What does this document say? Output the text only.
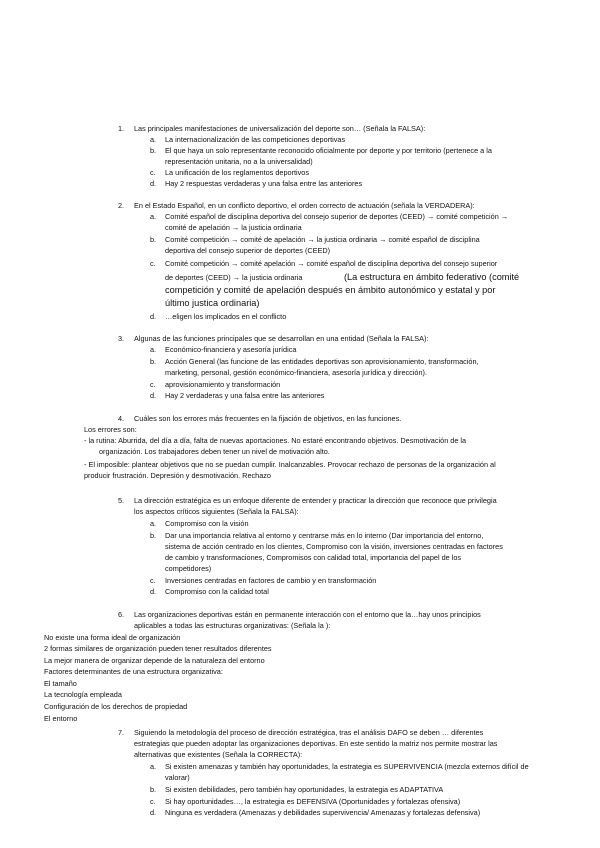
1. Las principales manifestaciones de universalización del deporte son… (Señala la FALSA):
a. La internacionalización de las competiciones deportivas
b. El que haya un solo representante reconocido oficialmente por deporte y por territorio (pertenece a la
representación unitaria, no a la universalidad)
c. La unificación de los reglamentos deportivos
d. Hay 2 respuestas verdaderas y una falsa entre las anteriores
2. En el Estado Español, en un conflicto deportivo, el orden correcto de actuación (señala la VERDADERA):
a. Comité español de disciplina deportiva del consejo superior de deportes (CEED) → comité competición →
comité de apelación → la justicia ordinaria
b. Comité competición → comité de apelación → la justicia ordinaria → comité español de disciplina
deportiva del consejo superior de deportes (CEED)
c. Comité competición → comité apelación → comité español de disciplina deportiva del consejo superior
de deportes (CEED) → la justicia ordinaria	(La estructura en ámbito federativo (comité
competición y comité de apelación después en ámbito autonómico y estatal y por
último justica ordinaria)
d. …eligen los implicados en el conflicto
3. Algunas de las funciones principales que se desarrollan en una entidad (Señala la FALSA):
a. Económico-financiera y asesoría jurídica
b. Acción General (las funcione de las entidades deportivas son aprovisionamiento, transformación,
marketing, personal, gestión económico-financiera, asesoría jurídica y dirección).
c. aprovisionamiento y transformación
d. Hay 2 verdaderas y una falsa entre las anteriores
4. Cuáles son los errores más frecuentes en la fijación de objetivos, en las funciones.
Los errores son:
- la rutina: Aburrida, del día a día, falta de nuevas aportaciones. No estaré encontrando objetivos. Desmotivación de la
organización. Los trabajadores deben tener un nivel de motivación alto.
- El imposible: plantear objetivos que no se puedan cumplir. Inalcanzables. Provocar rechazo de personas de la organización al
producir frustración. Depresión y desmotivación. Rechazo
5. La dirección estratégica es un enfoque diferente de entender y practicar la dirección que reconoce que privilegia
los aspectos críticos siguientes (Señala la FALSA):
a. Compromiso con la visión
b. Dar una importancia relativa al entorno y centrarse más en lo interno (Dar importancia del entorno,
sistema de acción centrado en los clientes, Compromiso con la visión, inversiones centradas en factores
de cambio y transformaciones, Compromisos con calidad total, importancia del papel de los
competidores)
c. Inversiones centradas en factores de cambio y en transformación
d. Compromiso con la calidad total
6. Las organizaciones deportivas están en permanente interacción con el entorno que la…hay unos principios
aplicables a todas las estructuras organizativas: (Señala la ):
No existe una forma ideal de organización
2 formas similares de organización pueden tener resultados diferentes
La mejor manera de organizar depende de la naturaleza del entorno
Factores determinantes de una estructura organizativa:
El tamaño
La tecnología empleada
Configuración de los derechos de propiedad
El entorno
7. Siguiendo la metodología del proceso de dirección estratégica, tras el análisis DAFO se deben … diferentes
estrategias que pueden adoptar las organizaciones deportivas. En este sentido la matriz nos permite mostrar las
alternativas que existentes (Señala la CORRECTA):
a. Si existen amenazas y también hay oportunidades, la estrategia es SUPERVIVENCIA (mezcla externos difícil de
valorar)
b. Si existen debilidades, pero también hay oportunidades, la estrategia es ADAPTATIVA
c. Si hay oportunidades…, la estrategia es DEFENSIVA (Oportunidades y fortalezas ofensiva)
d. Ninguna es verdadera (Amenazas y debilidades supervivencia/ Amenazas y fortalezas defensiva)
